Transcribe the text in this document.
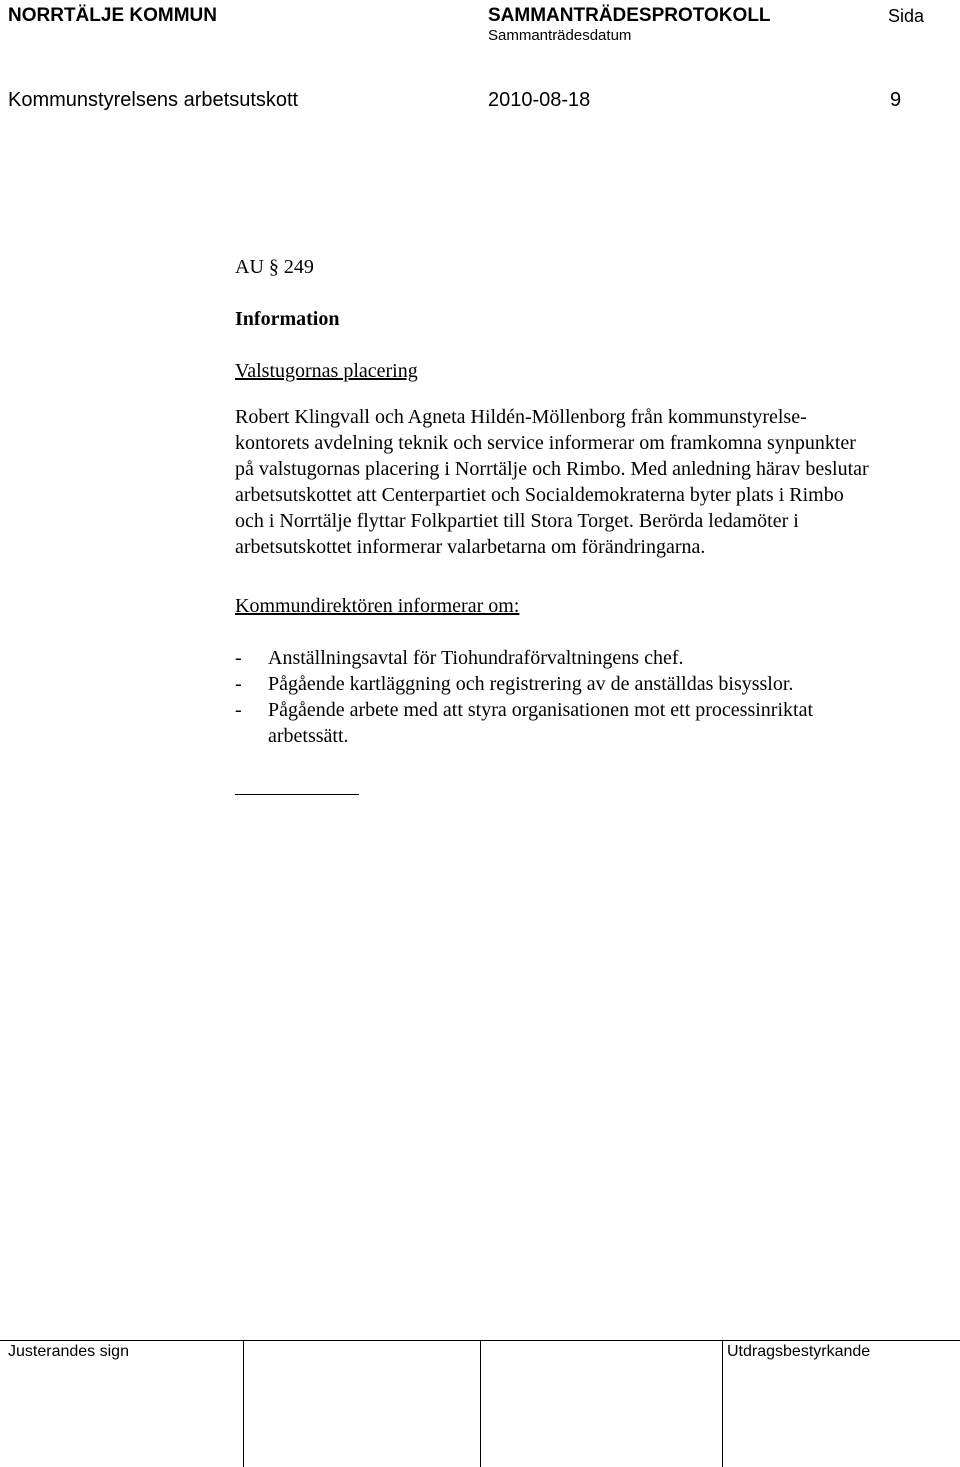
NORRTÄLJE KOMMUN	SAMMANTRÄDESPROTOKOLL
Sammanträdesdatum
Sida
Kommunstyrelsens arbetsutskott	2010-08-18	9
AU § 249
Information
Valstugornas placering

Robert Klingvall och Agneta Hildén-Möllenborg från kommunstyrelse-

kontorets avdelning teknik och service informerar om framkomna synpunkter

på valstugornas placering i Norrtälje och Rimbo. Med anledning härav beslutar

arbetsutskottet att Centerpartiet och Socialdemokraterna byter plats i Rimbo

och i Norrtälje flyttar Folkpartiet till Stora Torget. Berörda ledamöter i

arbetsutskottet informerar valarbetarna om förändringarna.

Kommundirektören informerar om:
-	Anställningsavtal för Tiohundraförvaltningens chef.
-	Pågående kartläggning och registrering av de anställdas bisysslor.
-	Pågående arbete med att styra organisationen mot ett processinriktat
arbetssätt.
Justerandes sign	Utdragsbestyrkande
